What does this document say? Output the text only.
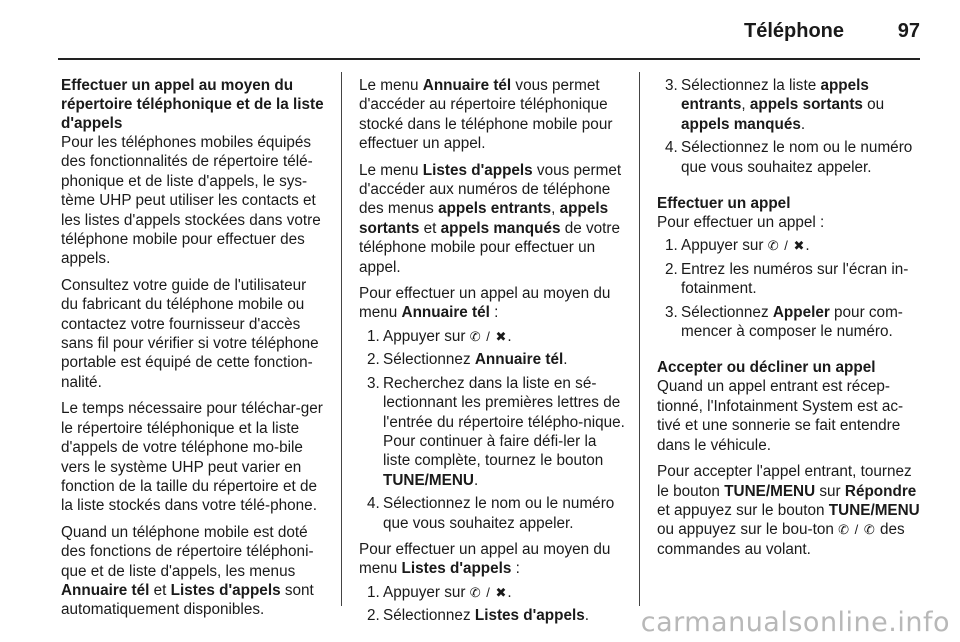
Téléphone	97
Effectuer un appel au moyen du répertoire téléphonique et de la liste d'appels

Pour les téléphones mobiles équipés des fonctionnalités de répertoire télé-phonique et de liste d'appels, le sys-tème UHP peut utiliser les contacts et les listes d'appels stockées dans votre téléphone mobile pour effectuer des appels.

Consultez votre guide de l'utilisateur du fabricant du téléphone mobile ou contactez votre fournisseur d'accès sans fil pour vérifier si votre téléphone portable est équipé de cette fonction-nalité.

Le temps nécessaire pour téléchar-ger le répertoire téléphonique et la liste d'appels de votre téléphone mo-bile vers le système UHP peut varier en fonction de la taille du répertoire et de la liste stockés dans votre télé-phone.

Quand un téléphone mobile est doté des fonctions de répertoire téléphoni-que et de liste d'appels, les menus Annuaire tél et Listes d'appels sont automatiquement disponibles.

Le menu Annuaire tél vous permet d'accéder au répertoire téléphonique stocké dans le téléphone mobile pour effectuer un appel.

Le menu Listes d'appels vous permet d'accéder aux numéros de téléphone des menus appels entrants, appels sortants et appels manqués de votre téléphone mobile pour effectuer un appel.

Pour effectuer un appel au moyen du menu Annuaire tél :

1. Appuyer sur ✆ / ✖.
2. Sélectionnez Annuaire tél.
3. Recherchez dans la liste en sé-lectionnant les premières lettres de l'entrée du répertoire télépho-nique. Pour continuer à faire défi-ler la liste complète, tournez le bouton TUNE/MENU.
4. Sélectionnez le nom ou le numéro que vous souhaitez appeler.

Pour effectuer un appel au moyen du menu Listes d'appels :

1. Appuyer sur ✆ / ✖.
2. Sélectionnez Listes d'appels.
3. Sélectionnez la liste appels entrants, appels sortants ou appels manqués.
4. Sélectionnez le nom ou le numéro que vous souhaitez appeler.
Effectuer un appel

Pour effectuer un appel :

1. Appuyer sur ✆ / ✖.
2. Entrez les numéros sur l'écran in-fotainment.
3. Sélectionnez Appeler pour com-mencer à composer le numéro.
Accepter ou décliner un appel

Quand un appel entrant est récep-tionné, l'Infotainment System est ac-tivé et une sonnerie se fait entendre dans le véhicule.

Pour accepter l'appel entrant, tournez le bouton TUNE/MENU sur Répondre et appuyez sur le bouton TUNE/MENU ou appuyez sur le bou-ton ✆ / ✆ des commandes au volant.

carmanualsonline.info
